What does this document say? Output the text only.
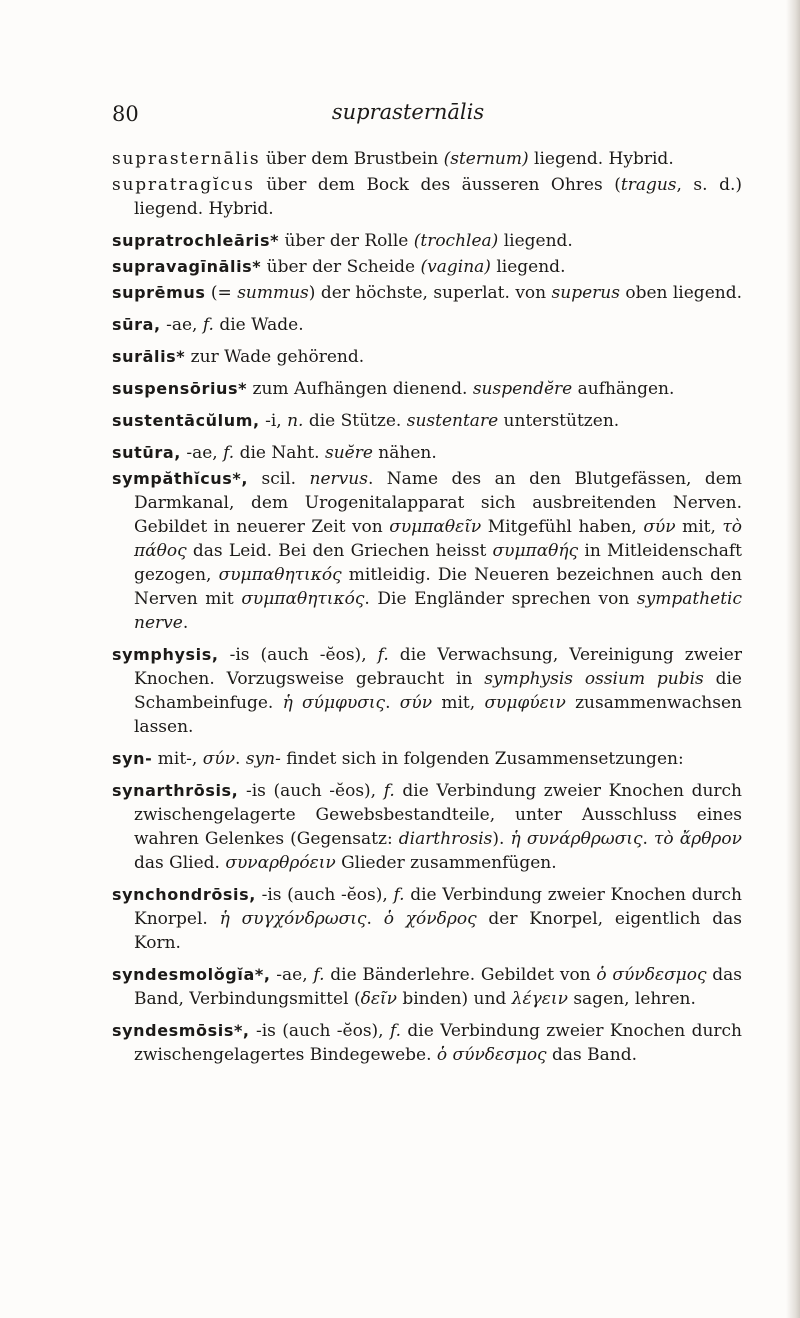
80	suprasternālis

suprasternālis über dem Brustbein (sternum) liegend. Hybrid.

supratragĭcus über dem Bock des äusseren Ohres (tragus, s. d.) liegend. Hybrid.

supratrochleāris* über der Rolle (trochlea) liegend.

supravagīnālis* über der Scheide (vagina) liegend.

suprēmus (= summus) der höchste, superlat. von superus oben liegend.

sūra, -ae, f. die Wade.

surālis* zur Wade gehörend.

suspensōrius* zum Aufhängen dienend. suspendĕre aufhängen.

sustentācŭlum, -i, n. die Stütze. sustentare unterstützen.

sutūra, -ae, f. die Naht. suĕre nähen.

sympăthĭcus*, scil. nervus. Name des an den Blutgefässen, dem Darmkanal, dem Urogenitalapparat sich ausbreitenden Nerven. Gebildet in neuerer Zeit von συμπαθεῖν Mitgefühl haben, σύν mit, τὸ πάθος das Leid. Bei den Griechen heisst συμπαθής in Mitleidenschaft gezogen, συμπαθητικός mitleidig. Die Neueren bezeichnen auch den Nerven mit συμπαθητικός. Die Engländer sprechen von sympathetic nerve.

symphysis, -is (auch -ĕos), f. die Verwachsung, Vereinigung zweier Knochen. Vorzugsweise gebraucht in symphysis ossium pubis die Schambeinfuge. ἡ σύμφυσις. σύν mit, συμφύειν zusammenwachsen lassen.

syn- mit-, σύν. syn- findet sich in folgenden Zusammensetzungen:

synarthrōsis, -is (auch -ĕos), f. die Verbindung zweier Knochen durch zwischengelagerte Gewebsbestandteile, unter Ausschluss eines wahren Gelenkes (Gegensatz: diarthrosis). ἡ συνάρθρωσις. τὸ ἄρθρον das Glied. συναρθρόειν Glieder zusammenfügen.

synchondrōsis, -is (auch -ĕos), f. die Verbindung zweier Knochen durch Knorpel. ἡ συγχόνδρωσις. ὁ χόνδρος der Knorpel, eigentlich das Korn.

syndesmolŏgĭa*, -ae, f. die Bänderlehre. Gebildet von ὁ σύνδεσμος das Band, Verbindungsmittel (δεῖν binden) und λέγειν sagen, lehren.

syndesmōsis*, -is (auch -ĕos), f. die Verbindung zweier Knochen durch zwischengelagertes Bindegewebe. ὁ σύνδεσμος das Band.
